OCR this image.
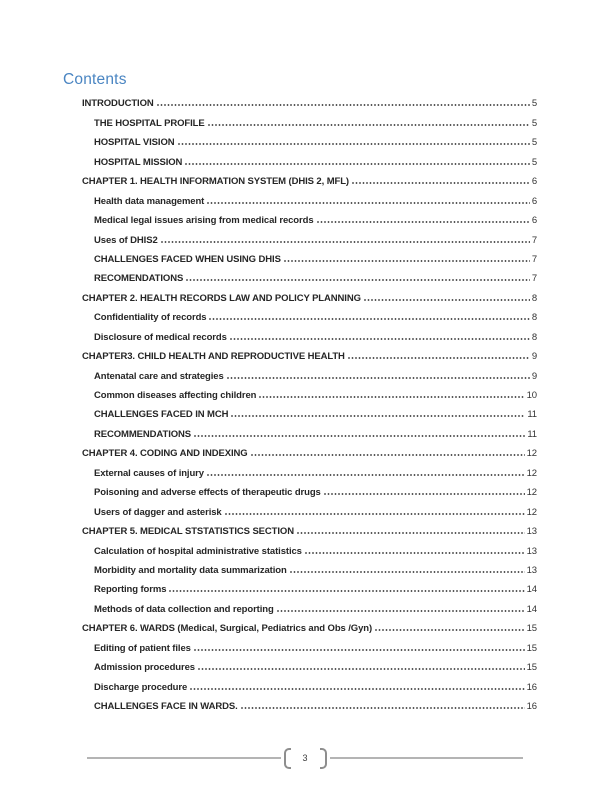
Contents
INTRODUCTION	5
THE HOSPITAL PROFILE	5
HOSPITAL VISION	5
HOSPITAL MISSION	5
CHAPTER 1. HEALTH INFORMATION SYSTEM (DHIS 2, MFL)	6
Health data management	6
Medical legal issues arising from medical records	6
Uses of DHIS2	7
CHALLENGES FACED WHEN USING DHIS	7
RECOMENDATIONS	7
CHAPTER 2. HEALTH RECORDS LAW AND POLICY PLANNING	8
Confidentiality of records	8
Disclosure of medical records	8
CHAPTER3. CHILD HEALTH AND REPRODUCTIVE HEALTH	9
Antenatal care and strategies	9
Common diseases affecting children	10
CHALLENGES FACED IN MCH	11
RECOMMENDATIONS	11
CHAPTER 4. CODING AND INDEXING	12
External causes of injury	12
Poisoning and adverse effects of therapeutic drugs	12
Users of dagger and asterisk	12
CHAPTER 5. MEDICAL STSTATISTICS SECTION	13
Calculation of hospital administrative statistics	13
Morbidity and mortality data summarization	13
Reporting forms	14
Methods of data collection and reporting	14
CHAPTER 6. WARDS (Medical, Surgical, Pediatrics and Obs /Gyn)	15
Editing of patient files	15
Admission procedures	15
Discharge procedure	16
CHALLENGES FACE IN WARDS.	16
3
